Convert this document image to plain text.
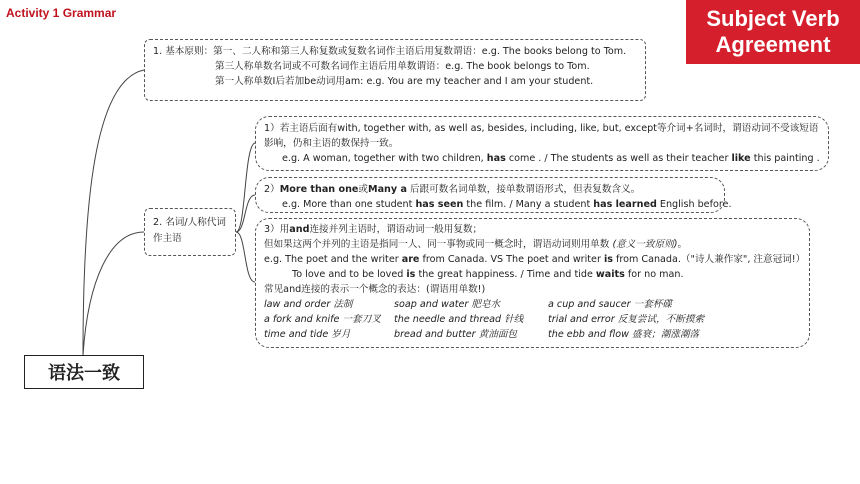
Activity 1 Grammar	Subject Verb
Agreement
语法一致
1. 基本原则：第一、二人称和第三人称复数或复数名词作主语后用复数谓语：e.g. The books belong to Tom.
第三人称单数名词或不可数名词作主语后用单数谓语：e.g. The book belongs to Tom.
第一人称单数I后若加be动词用am: e.g. You are my teacher and I am your student.
2. 名词/人称代词作主语
1）若主语后面有with, together with, as well as, besides, including, like, but, except等介词+名词时，谓语动词不受该短语
影响，仍和主语的数保持一致。
e.g. A woman, together with two children, has come . / The students as well as their teacher like this painting .
2）More than one或Many a 后跟可数名词单数，接单数谓语形式，但表复数含义。
e.g. More than one student has seen the film. / Many a student has learned English before.
3）用and连接并列主语时，谓语动词一般用复数；
但如果这两个并列的主语是指同一人、同一事物或同一概念时，谓语动词则用单数 (意义一致原则)。
e.g. The poet and the writer are from Canada. VS The poet and writer is from Canada.（"诗人兼作家", 注意冠词!）
To love and to be loved is the great happiness. / Time and tide waits for no man.
常见and连接的表示一个概念的表达：(谓语用单数!)
law and order 法制	soap and water 肥皂水	a cup and saucer 一套杯碟
a fork and knife 一套刀叉	the needle and thread 针线	trial and error 反复尝试，不断摸索
time and tide 岁月	bread and butter 黄油面包	the ebb and flow 盛衰；潮涨潮落
